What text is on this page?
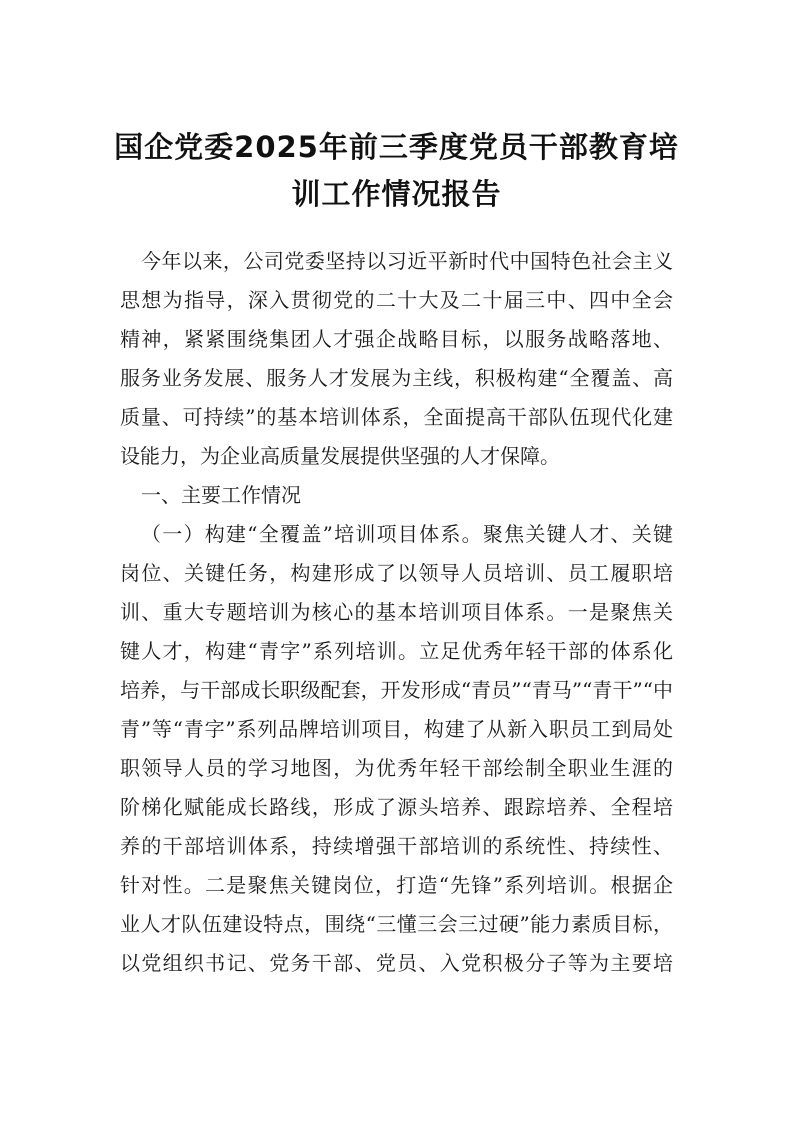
国企党委2025年前三季度党员干部教育培
训工作情况报告
今年以来，公司党委坚持以习近平新时代中国特色社会主义
思想为指导，深入贯彻党的二十大及二十届三中、四中全会
精神，紧紧围绕集团人才强企战略目标，以服务战略落地、
服务业务发展、服务人才发展为主线，积极构建“全覆盖、高
质量、可持续”的基本培训体系，全面提高干部队伍现代化建
设能力，为企业高质量发展提供坚强的人才保障。
一、主要工作情况
（一）构建“全覆盖”培训项目体系。聚焦关键人才、关键
岗位、关键任务，构建形成了以领导人员培训、员工履职培
训、重大专题培训为核心的基本培训项目体系。一是聚焦关
键人才，构建“青字”系列培训。立足优秀年轻干部的体系化
培养，与干部成长职级配套，开发形成“青员”“青马”“青干”“中
青”等“青字”系列品牌培训项目，构建了从新入职员工到局处
职领导人员的学习地图，为优秀年轻干部绘制全职业生涯的
阶梯化赋能成长路线，形成了源头培养、跟踪培养、全程培
养的干部培训体系，持续增强干部培训的系统性、持续性、
针对性。二是聚焦关键岗位，打造“先锋”系列培训。根据企
业人才队伍建设特点，围绕“三懂三会三过硬”能力素质目标，
以党组织书记、党务干部、党员、入党积极分子等为主要培
